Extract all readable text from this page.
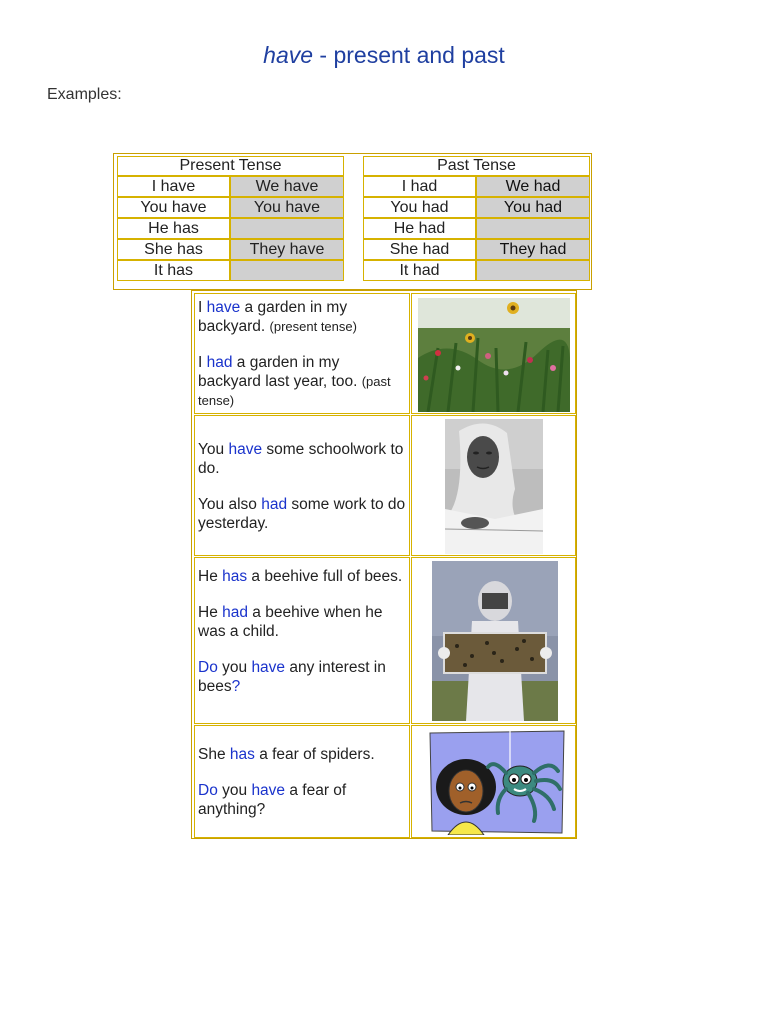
have - present and past
Examples:
Present Tense	
I have	We have
You have	You have
He has	
She has	They have
It has	
Past Tense	
I had	We had
You had	You had
He had	
She had	They had
It had	

I have a garden in my backyard. (present tense)

I had a garden in my backyard last year, too. (past tense)

You have some schoolwork to do.

You also had some work to do yesterday.

He has a beehive full of bees.

He had a beehive when he was a child.

Do you have any interest in bees?

She has a fear of spiders.

Do you have a fear of anything?
